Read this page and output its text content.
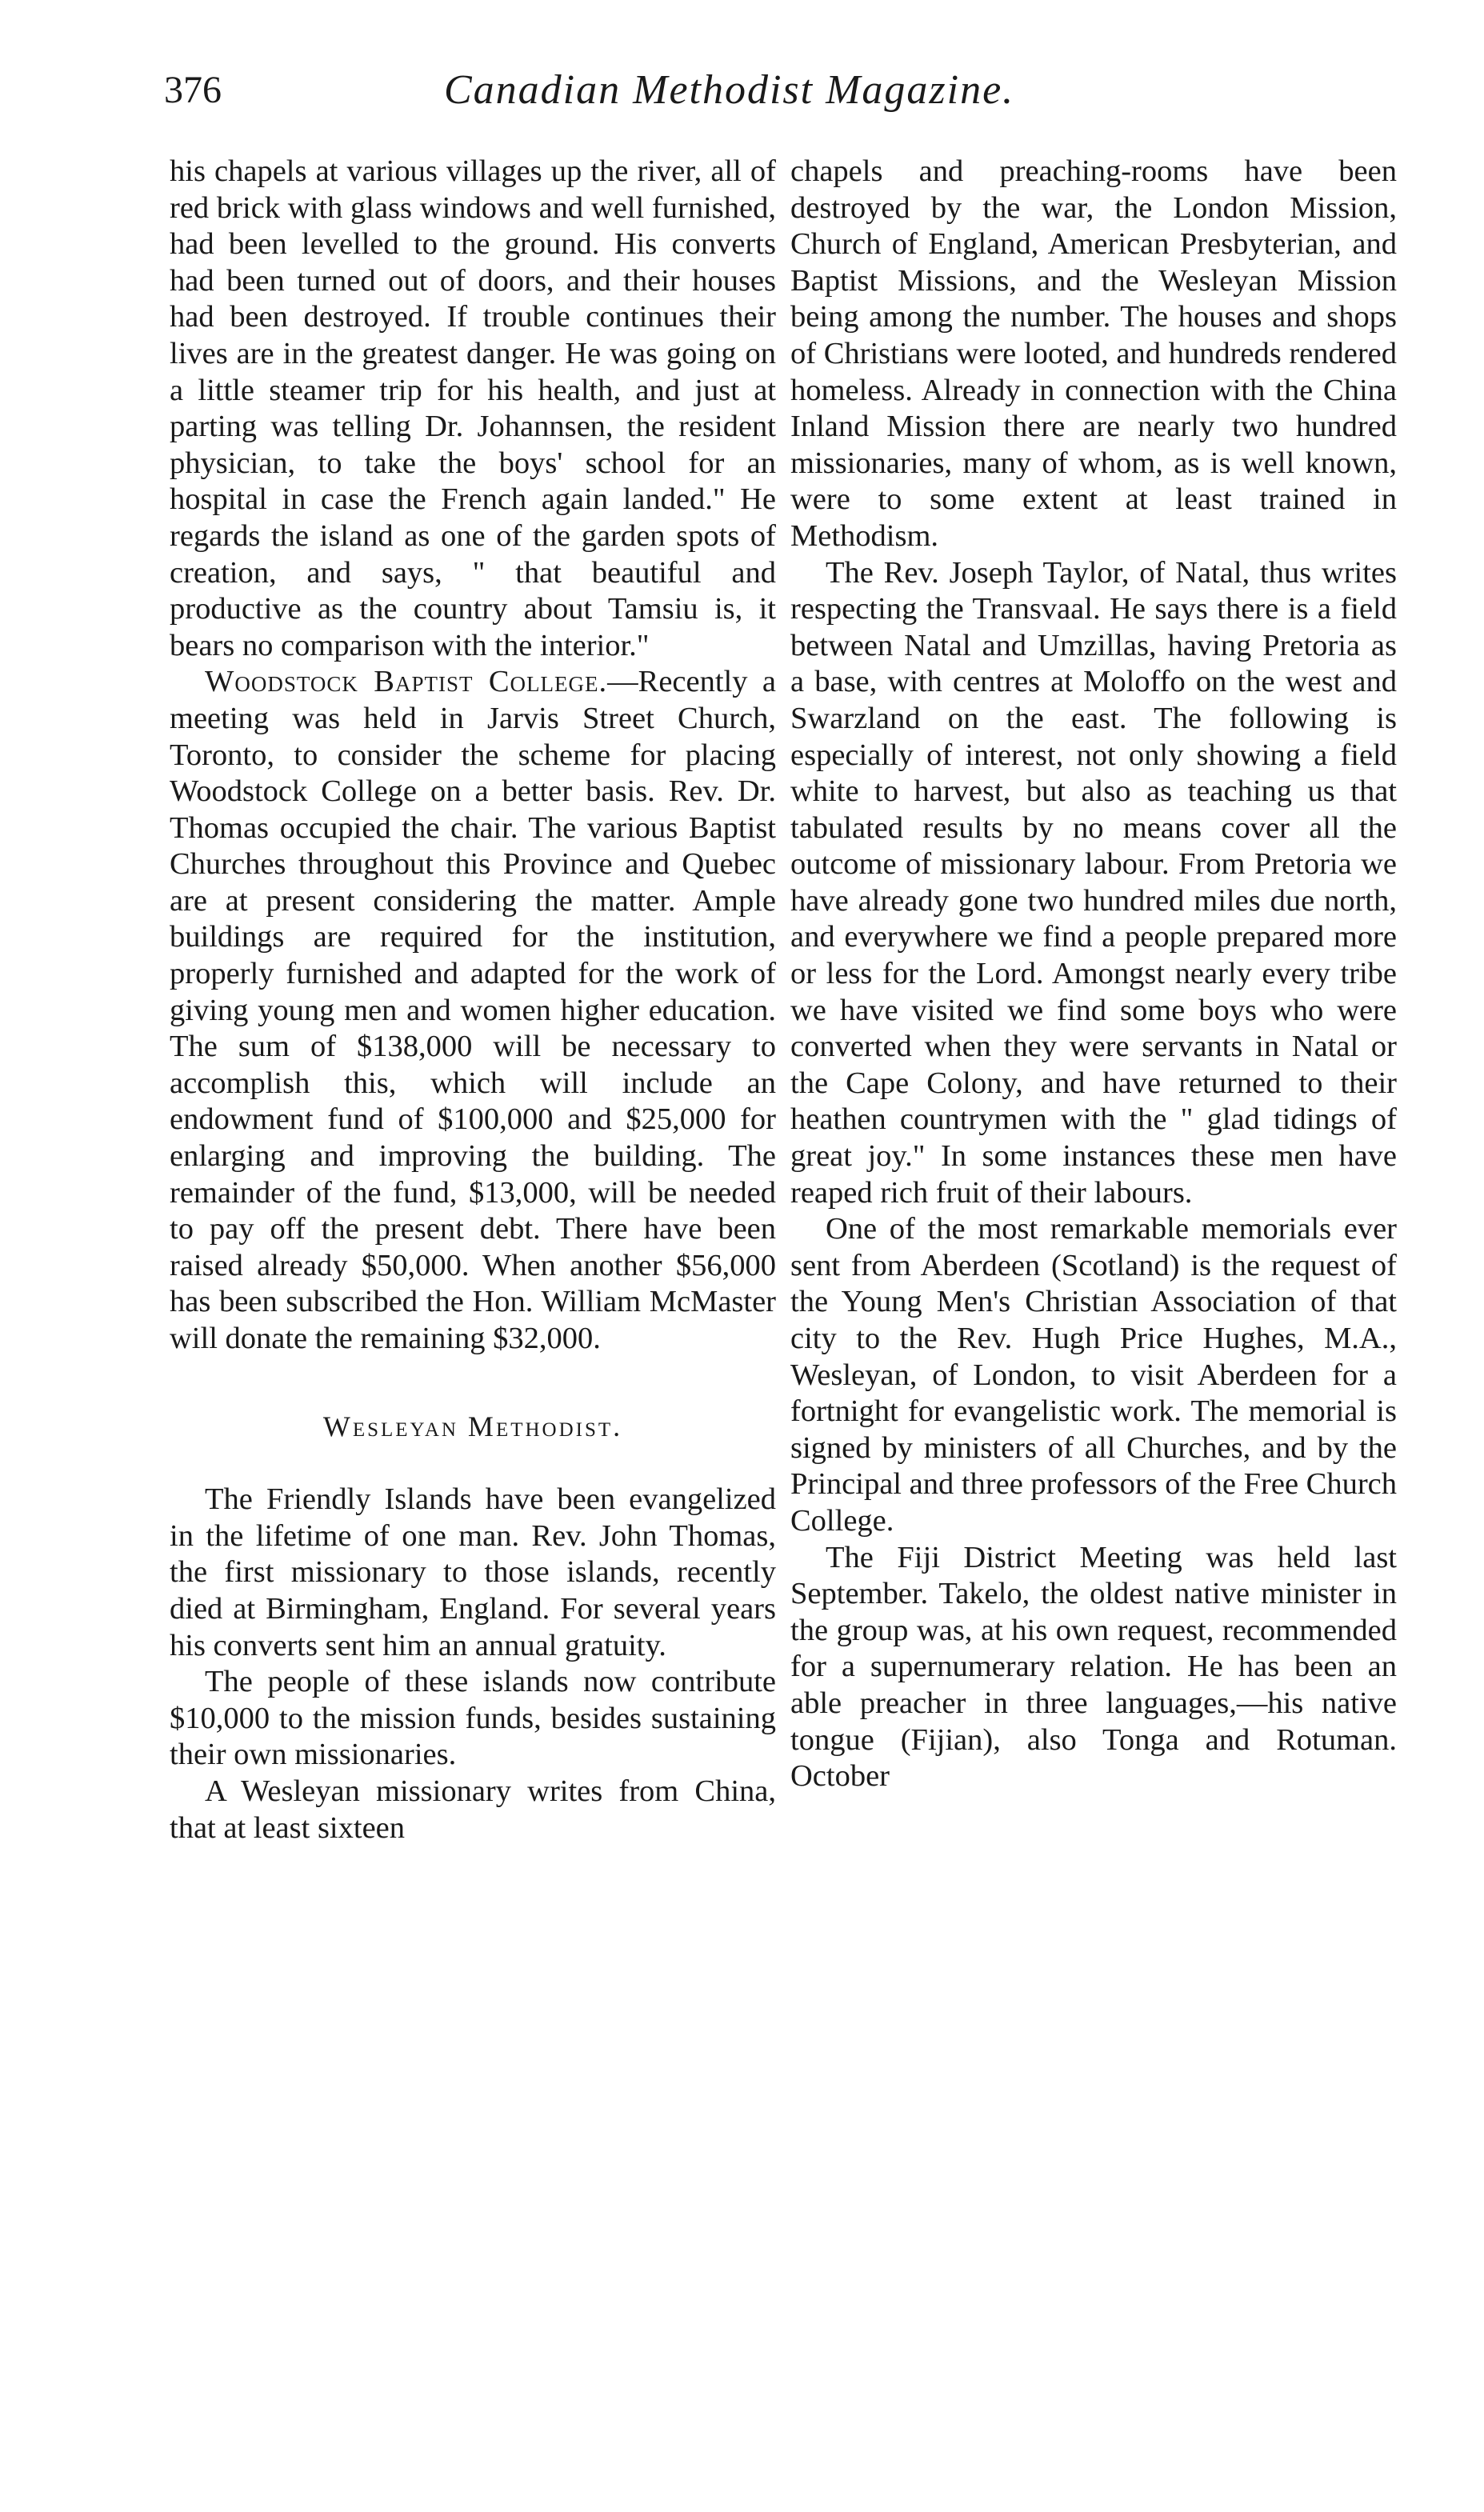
376	Canadian Methodist Magazine.

his chapels at various villages up the river, all of red brick with glass windows and well furnished, had been levelled to the ground. His converts had been turned out of doors, and their houses had been destroyed. If trouble continues their lives are in the greatest danger. He was going on a little steamer trip for his health, and just at parting was telling Dr. Johannsen, the resident physician, to take the boys' school for an hospital in case the French again landed." He regards the island as one of the garden spots of creation, and says, " that beautiful and productive as the country about Tamsiu is, it bears no comparison with the interior."

Woodstock Baptist College.—Recently a meeting was held in Jarvis Street Church, Toronto, to consider the scheme for placing Woodstock College on a better basis. Rev. Dr. Thomas occupied the chair. The various Baptist Churches throughout this Province and Quebec are at present considering the matter. Ample buildings are required for the institution, properly furnished and adapted for the work of giving young men and women higher education. The sum of $138,000 will be necessary to accomplish this, which will include an endowment fund of $100,000 and $25,000 for enlarging and improving the building. The remainder of the fund, $13,000, will be needed to pay off the present debt. There have been raised already $50,000. When another $56,000 has been subscribed the Hon. William McMaster will donate the remaining $32,000.

Wesleyan Methodist.

The Friendly Islands have been evangelized in the lifetime of one man. Rev. John Thomas, the first missionary to those islands, recently died at Birmingham, England. For several years his converts sent him an annual gratuity.

The people of these islands now contribute $10,000 to the mission funds, besides sustaining their own missionaries.

A Wesleyan missionary writes from China, that at least sixteen

chapels and preaching-rooms have been destroyed by the war, the London Mission, Church of England, American Presbyterian, and Baptist Missions, and the Wesleyan Mission being among the number. The houses and shops of Christians were looted, and hundreds rendered homeless. Already in connection with the China Inland Mission there are nearly two hundred missionaries, many of whom, as is well known, were to some extent at least trained in Methodism.

The Rev. Joseph Taylor, of Natal, thus writes respecting the Transvaal. He says there is a field between Natal and Umzillas, having Pretoria as a base, with centres at Moloffo on the west and Swarzland on the east. The following is especially of interest, not only showing a field white to harvest, but also as teaching us that tabulated results by no means cover all the outcome of missionary labour. From Pretoria we have already gone two hundred miles due north, and everywhere we find a people prepared more or less for the Lord. Amongst nearly every tribe we have visited we find some boys who were converted when they were servants in Natal or the Cape Colony, and have returned to their heathen countrymen with the " glad tidings of great joy." In some instances these men have reaped rich fruit of their labours.

One of the most remarkable memorials ever sent from Aberdeen (Scotland) is the request of the Young Men's Christian Association of that city to the Rev. Hugh Price Hughes, M.A., Wesleyan, of London, to visit Aberdeen for a fortnight for evangelistic work. The memorial is signed by ministers of all Churches, and by the Principal and three professors of the Free Church College.

The Fiji District Meeting was held last September. Takelo, the oldest native minister in the group was, at his own request, recommended for a supernumerary relation. He has been an able preacher in three languages,—his native tongue (Fijian), also Tonga and Rotuman. October
